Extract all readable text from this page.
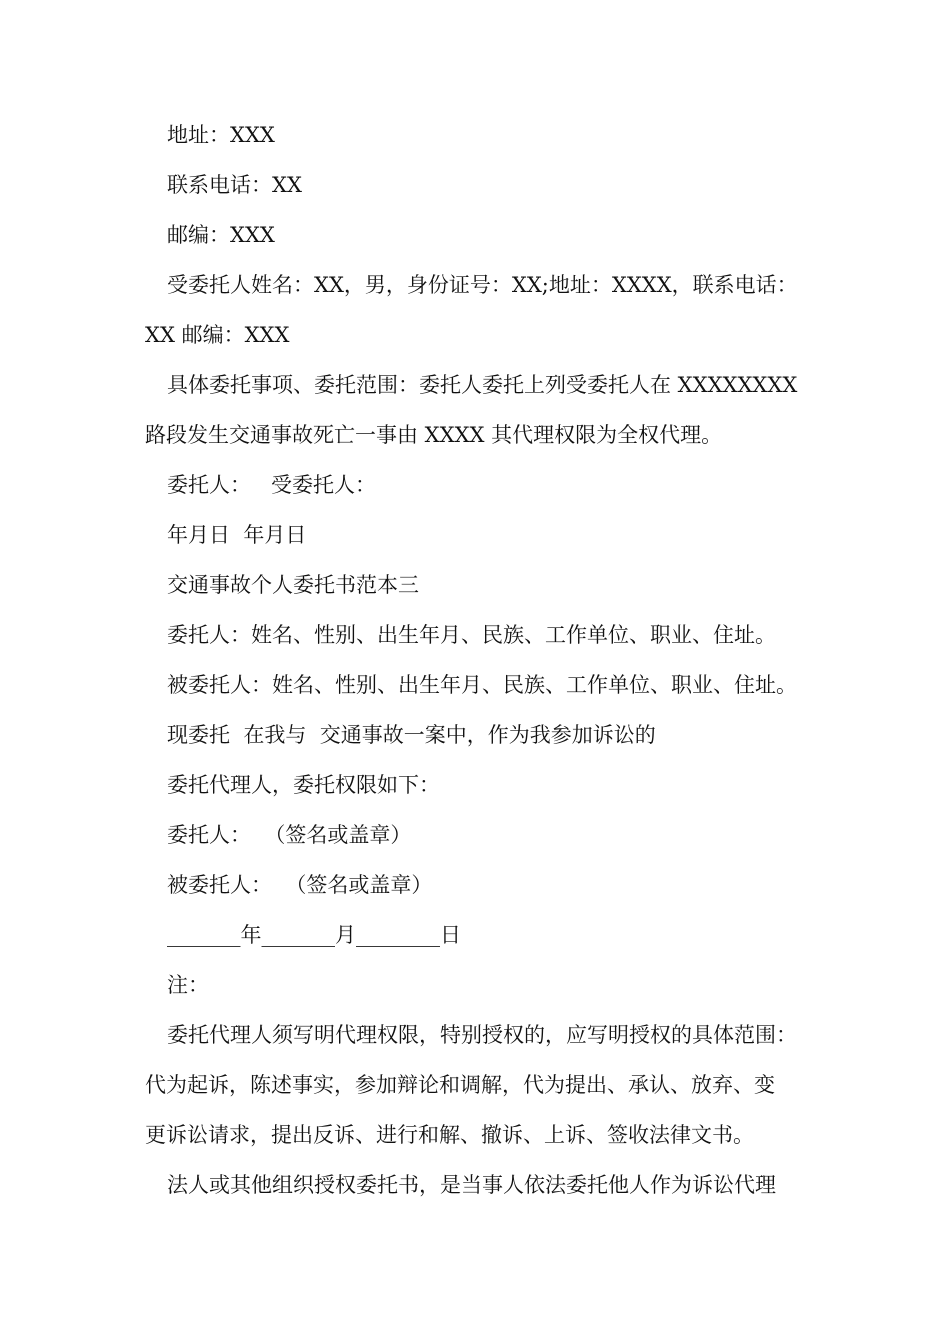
地址：XXX
联系电话：XX
邮编：XXX
受委托人姓名：XX，男，身份证号：XX;地址：XXXX，联系电话：
XX 邮编：XXX
具体委托事项、委托范围：委托人委托上列受委托人在 XXXXXXXX
路段发生交通事故死亡一事由 XXXX 其代理权限为全权代理。
委托人：   受委托人：
年月日  年月日
交通事故个人委托书范本三
委托人：姓名、性别、出生年月、民族、工作单位、职业、住址。
被委托人：姓名、性别、出生年月、民族、工作单位、职业、住址。
现委托  在我与  交通事故一案中，作为我参加诉讼的
委托代理人，委托权限如下：
委托人：  （签名或盖章）
被委托人：  （签名或盖章）
_______年_______月________日
注：
委托代理人须写明代理权限，特别授权的，应写明授权的具体范围：
代为起诉，陈述事实，参加辩论和调解，代为提出、承认、放弃、变
更诉讼请求，提出反诉、进行和解、撤诉、上诉、签收法律文书。
法人或其他组织授权委托书，是当事人依法委托他人作为诉讼代理
